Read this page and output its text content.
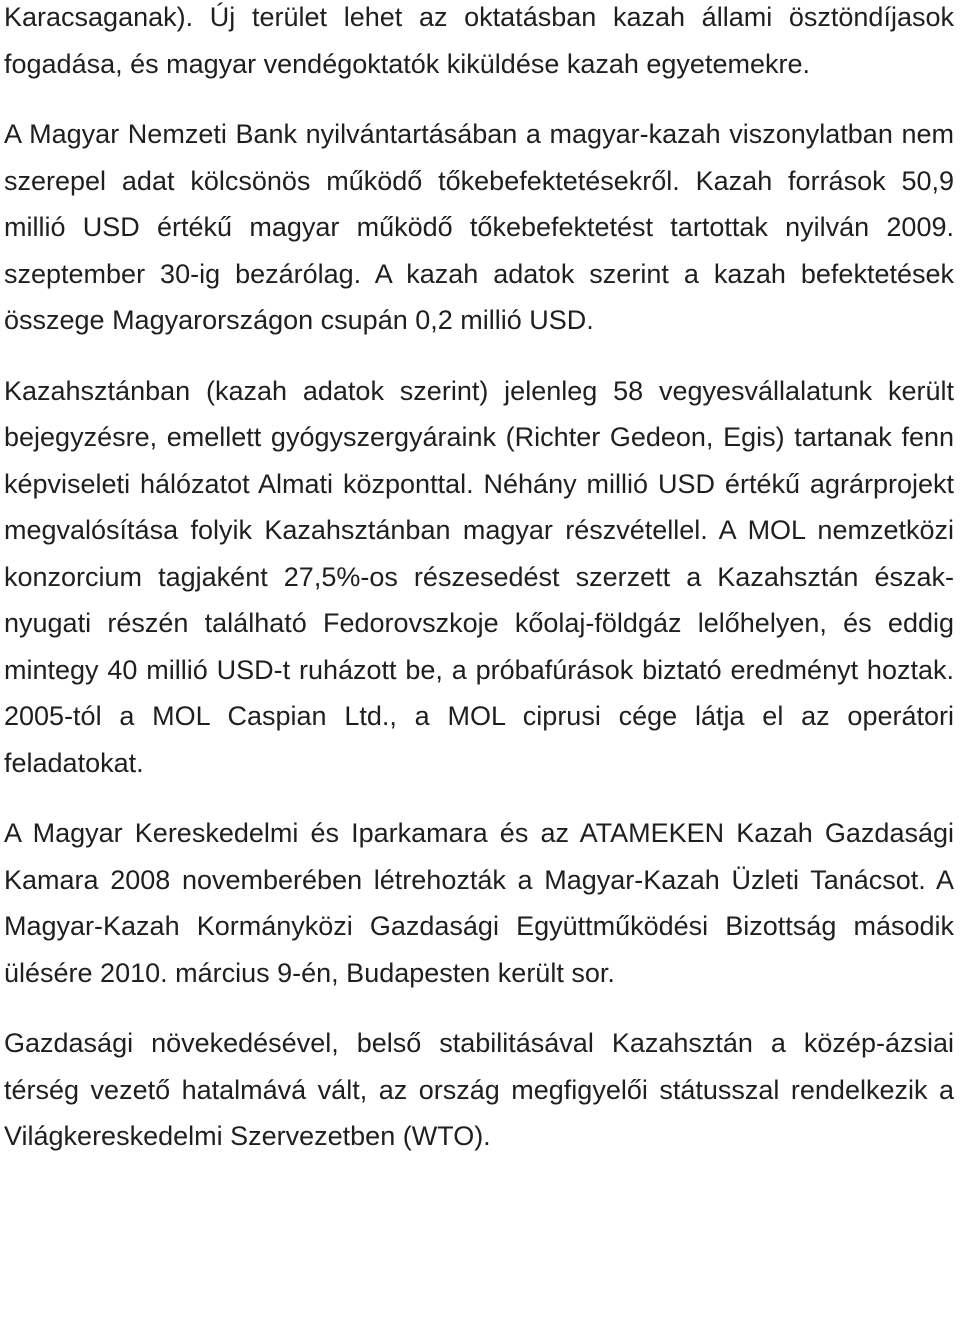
Karacsaganak). Új terület lehet az oktatásban kazah állami ösztöndíjasok fogadása, és magyar vendégoktatók kiküldése kazah egyetemekre.

A Magyar Nemzeti Bank nyilvántartásában a magyar-kazah viszonylatban nem szerepel adat kölcsönös működő tőkebefektetésekről. Kazah források 50,9 millió USD értékű magyar működő tőkebefektetést tartottak nyilván 2009. szeptember 30-ig bezárólag. A kazah adatok szerint a kazah befektetések összege Magyarországon csupán 0,2 millió USD.

Kazahsztánban (kazah adatok szerint) jelenleg 58 vegyesvállalatunk került bejegyzésre, emellett gyógyszergyáraink (Richter Gedeon, Egis) tartanak fenn képviseleti hálózatot Almati központtal. Néhány millió USD értékű agrárprojekt megvalósítása folyik Kazahsztánban magyar részvétellel. A MOL nemzetközi konzorcium tagjaként 27,5%-os részesedést szerzett a Kazahsztán észak-nyugati részén található Fedorovszkoje kőolaj-földgáz lelőhelyen, és eddig mintegy 40 millió USD-t ruházott be, a próbafúrások biztató eredményt hoztak. 2005-tól a MOL Caspian Ltd., a MOL ciprusi cége látja el az operátori feladatokat.

A Magyar Kereskedelmi és Iparkamara és az ATAMEKEN Kazah Gazdasági Kamara 2008 novemberében létrehozták a Magyar-Kazah Üzleti Tanácsot. A Magyar-Kazah Kormányközi Gazdasági Együttműködési Bizottság második ülésére 2010. március 9-én, Budapesten került sor.

Gazdasági növekedésével, belső stabilitásával Kazahsztán a közép-ázsiai térség vezető hatalmává vált, az ország megfigyelői státusszal rendelkezik a Világkereskedelmi Szervezetben (WTO).
